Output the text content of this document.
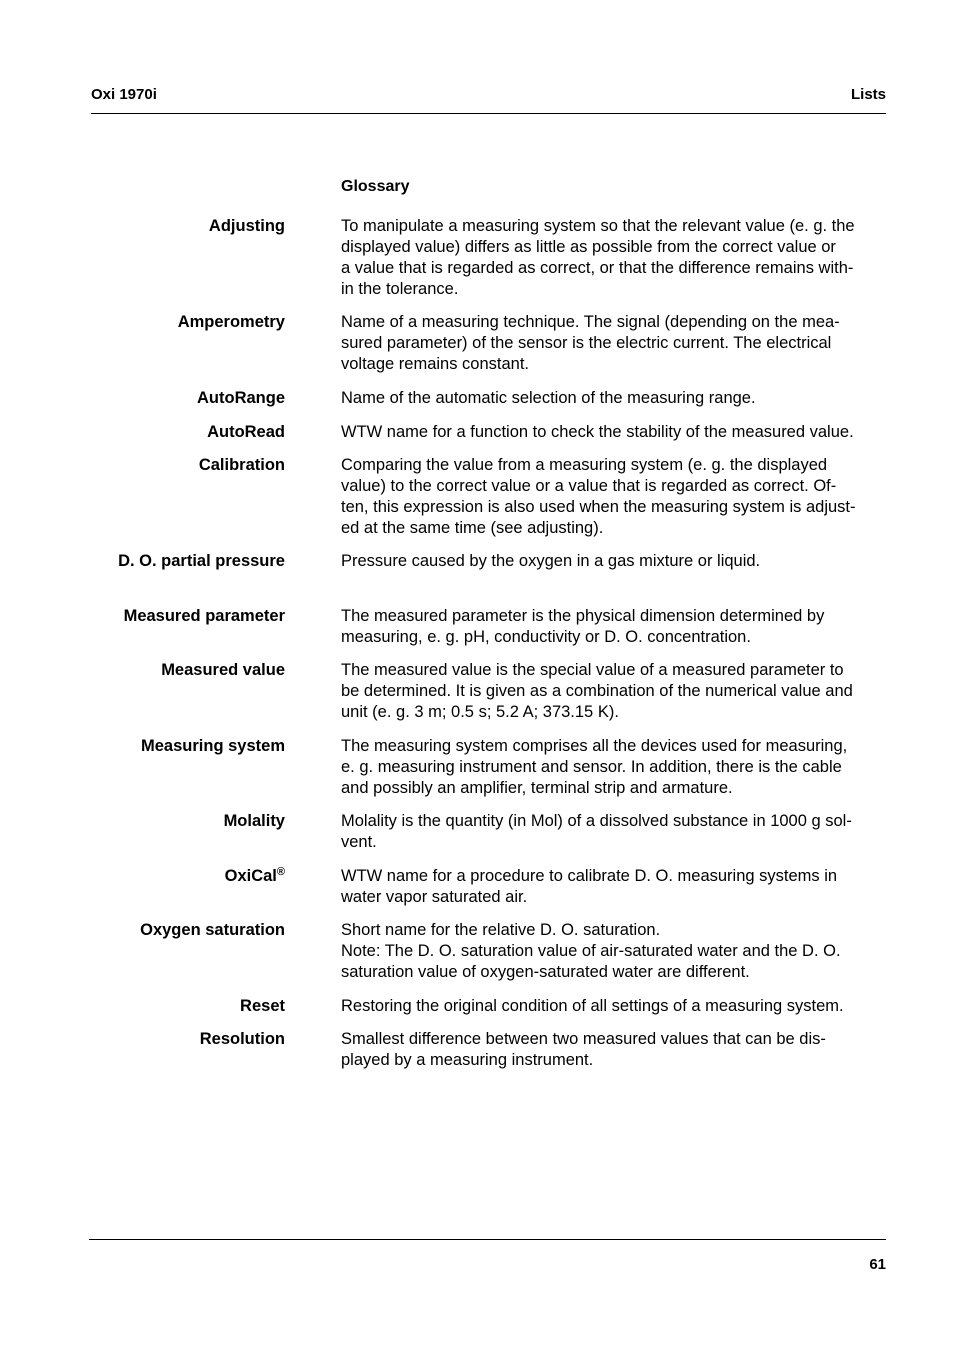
Oxi 1970i	Lists
Glossary
Adjusting	To manipulate a measuring system so that the relevant value (e. g. the
displayed value) differs as little as possible from the correct value or
a value that is regarded as correct, or that the difference remains with-
in the tolerance.
Amperometry	Name of a measuring technique. The signal (depending on the mea-
sured parameter) of the sensor is the electric current. The electrical
voltage remains constant.
AutoRange	Name of the automatic selection of the measuring range.
AutoRead	WTW name for a function to check the stability of the measured value.
Calibration	Comparing the value from a measuring system (e. g. the displayed
value) to the correct value or a value that is regarded as correct. Of-
ten, this expression is also used when the measuring system is adjust-
ed at the same time (see adjusting).
D. O. partial pressure	Pressure caused by the oxygen in a gas mixture or liquid.
Measured parameter	The measured parameter is the physical dimension determined by
measuring, e. g. pH, conductivity or D. O. concentration.
Measured value	The measured value is the special value of a measured parameter to
be determined. It is given as a combination of the numerical value and
unit (e. g. 3 m; 0.5 s; 5.2 A; 373.15 K).
Measuring system	The measuring system comprises all the devices used for measuring,
e. g. measuring instrument and sensor. In addition, there is the cable
and possibly an amplifier, terminal strip and armature.
Molality	Molality is the quantity (in Mol) of a dissolved substance in 1000 g sol-
vent.
OxiCal®	WTW name for a procedure to calibrate D. O. measuring systems in
water vapor saturated air.
Oxygen saturation	Short name for the relative D. O. saturation.
Note: The D. O. saturation value of air-saturated water and the D. O.
saturation value of oxygen-saturated water are different.
Reset	Restoring the original condition of all settings of a measuring system.
Resolution	Smallest difference between two measured values that can be dis-
played by a measuring instrument.
61
